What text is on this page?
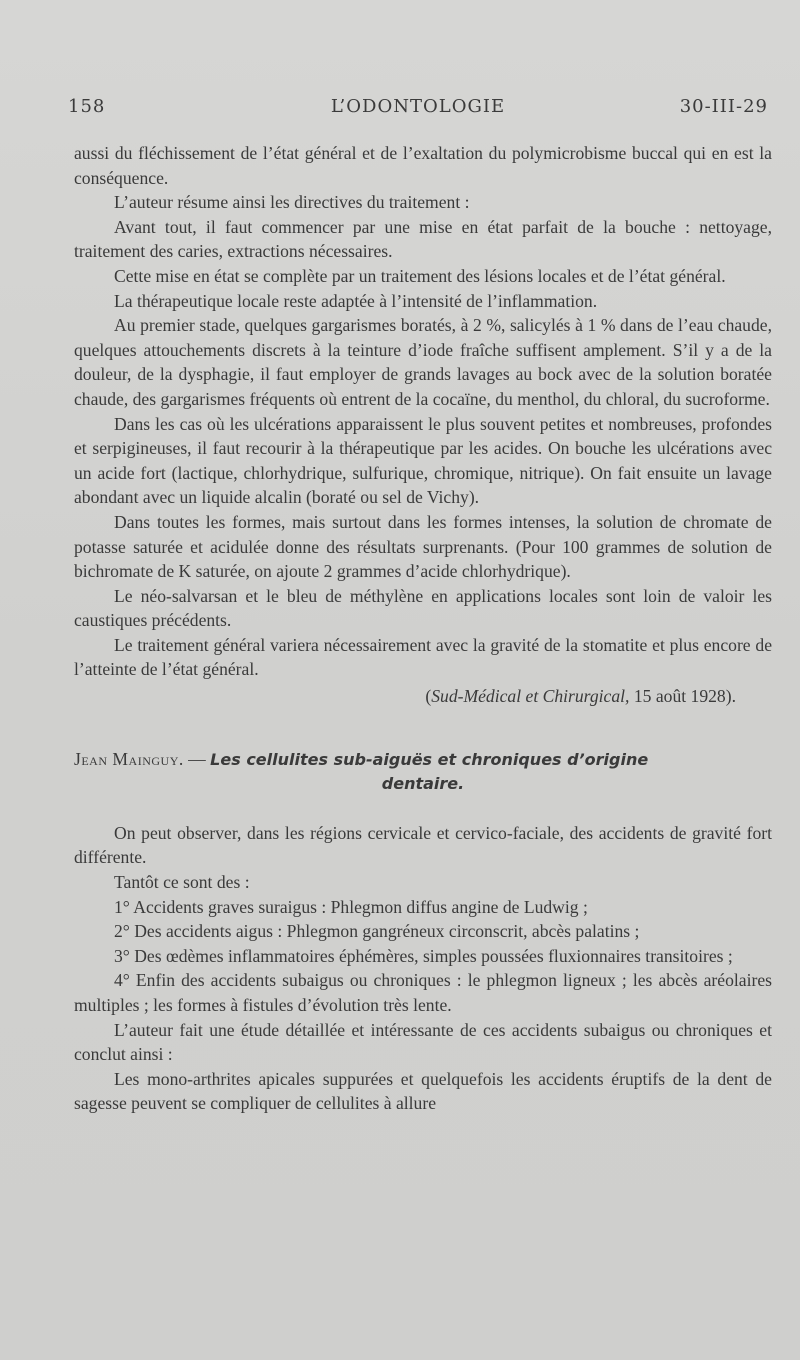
158	L’ODONTOLOGIE	30-III-29

aussi du fléchissement de l’état général et de l’exaltation du polymicrobisme buccal qui en est la conséquence.

L’auteur résume ainsi les directives du traitement :

Avant tout, il faut commencer par une mise en état parfait de la bouche : nettoyage, traitement des caries, extractions nécessaires.

Cette mise en état se complète par un traitement des lésions locales et de l’état général.

La thérapeutique locale reste adaptée à l’intensité de l’inflammation.

Au premier stade, quelques gargarismes boratés, à 2 %, salicylés à 1 % dans de l’eau chaude, quelques attouchements discrets à la teinture d’iode fraîche suffisent amplement. S’il y a de la douleur, de la dysphagie, il faut employer de grands lavages au bock avec de la solution boratée chaude, des gargarismes fréquents où entrent de la cocaïne, du menthol, du chloral, du sucroforme.

Dans les cas où les ulcérations apparaissent le plus souvent petites et nombreuses, profondes et serpigineuses, il faut recourir à la thérapeutique par les acides. On bouche les ulcérations avec un acide fort (lactique, chlorhydrique, sulfurique, chromique, nitrique). On fait ensuite un lavage abondant avec un liquide alcalin (boraté ou sel de Vichy).

Dans toutes les formes, mais surtout dans les formes intenses, la solution de chromate de potasse saturée et acidulée donne des résultats surprenants. (Pour 100 grammes de solution de bichromate de K saturée, on ajoute 2 grammes d’acide chlorhydrique).

Le néo-salvarsan et le bleu de méthylène en applications locales sont loin de valoir les caustiques précédents.

Le traitement général variera nécessairement avec la gravité de la stomatite et plus encore de l’atteinte de l’état général.

(Sud-Médical et Chirurgical, 15 août 1928).

Jean Mainguy. — Les cellulites sub-aiguës et chroniques d’origine
dentaire.

On peut observer, dans les régions cervicale et cervico-faciale, des accidents de gravité fort différente.

Tantôt ce sont des :

1° Accidents graves suraigus : Phlegmon diffus angine de Ludwig ;

2° Des accidents aigus : Phlegmon gangréneux circonscrit, abcès palatins ;

3° Des œdèmes inflammatoires éphémères, simples poussées fluxionnaires transitoires ;

4° Enfin des accidents subaigus ou chroniques : le phlegmon ligneux ; les abcès aréolaires multiples ; les formes à fistules d’évolution très lente.

L’auteur fait une étude détaillée et intéressante de ces accidents subaigus ou chroniques et conclut ainsi :

Les mono-arthrites apicales suppurées et quelquefois les accidents éruptifs de la dent de sagesse peuvent se compliquer de cellulites à allure
